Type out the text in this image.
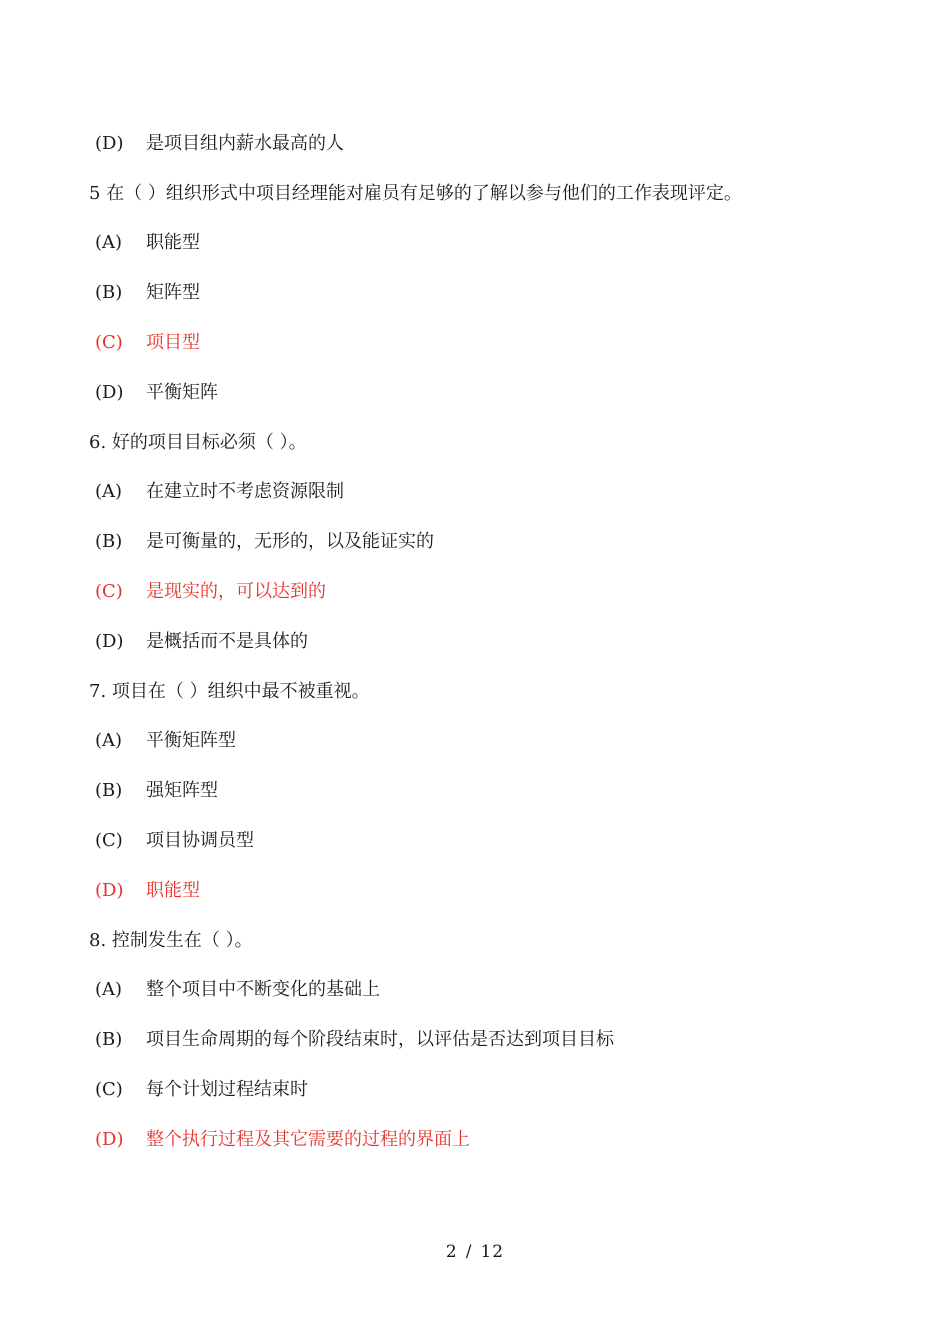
(D) 是项目组内薪水最高的人
5 在（ ）组织形式中项目经理能对雇员有足够的了解以参与他们的工作表现评定。
(A) 职能型
(B) 矩阵型
(C) 项目型
(D) 平衡矩阵
6. 好的项目目标必须（ ）。
(A) 在建立时不考虑资源限制
(B) 是可衡量的，无形的，以及能证实的
(C) 是现实的，可以达到的
(D) 是概括而不是具体的
7. 项目在（ ）组织中最不被重视。
(A) 平衡矩阵型
(B) 强矩阵型
(C) 项目协调员型
(D) 职能型
8. 控制发生在（ ）。
(A) 整个项目中不断变化的基础上
(B) 项目生命周期的每个阶段结束时，以评估是否达到项目目标
(C) 每个计划过程结束时
(D) 整个执行过程及其它需要的过程的界面上
2 / 12
